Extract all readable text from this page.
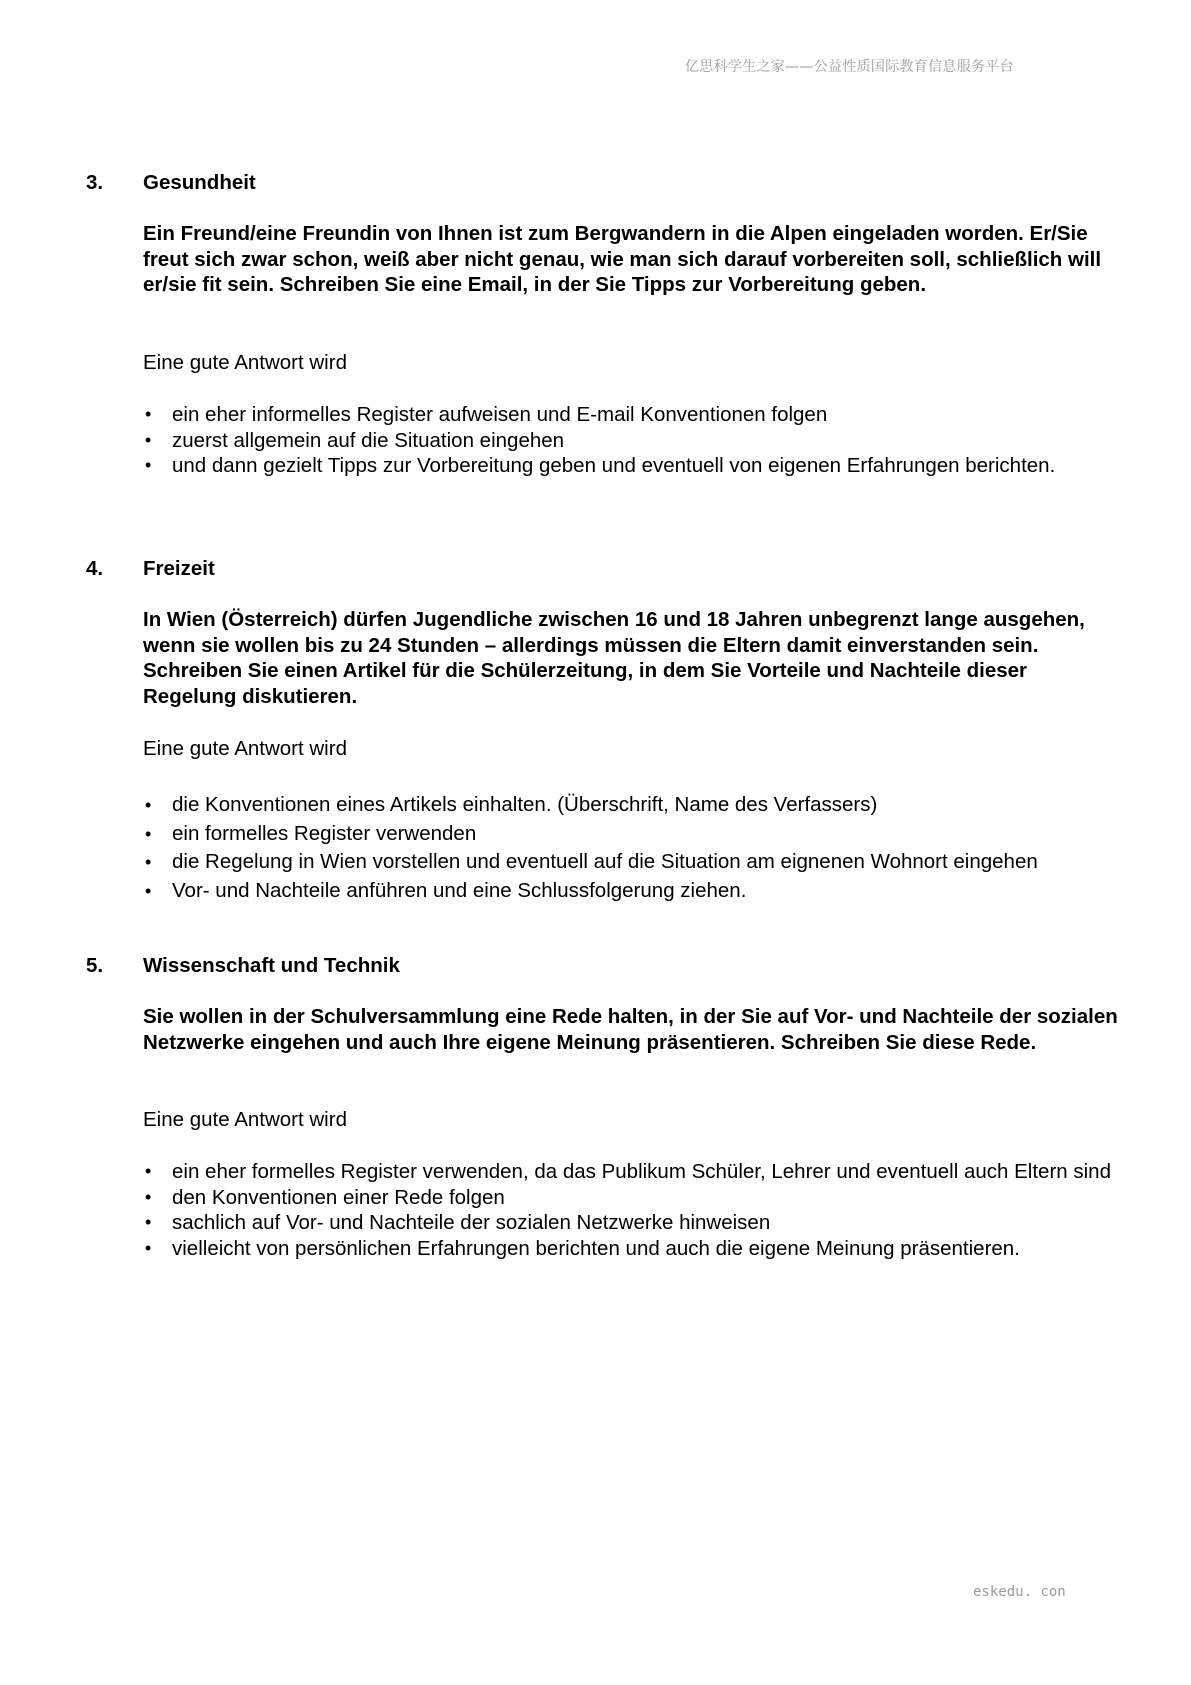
亿思科学生之家——公益性质国际教育信息服务平台
3. Gesundheit
Ein Freund/eine Freundin von Ihnen ist zum Bergwandern in die Alpen eingeladen worden. Er/Sie freut sich zwar schon, weiß aber nicht genau, wie man sich darauf vorbereiten soll, schließlich will er/sie fit sein. Schreiben Sie eine Email, in der Sie Tipps zur Vorbereitung geben.
Eine gute Antwort wird
• ein eher informelles Register aufweisen und E-mail Konventionen folgen
• zuerst allgemein auf die Situation eingehen
• und dann gezielt Tipps zur Vorbereitung geben und eventuell von eigenen Erfahrungen berichten.
4. Freizeit
In Wien (Österreich) dürfen Jugendliche zwischen 16 und 18 Jahren unbegrenzt lange ausgehen, wenn sie wollen bis zu 24 Stunden – allerdings müssen die Eltern damit einverstanden sein. Schreiben Sie einen Artikel für die Schülerzeitung, in dem Sie Vorteile und Nachteile dieser Regelung diskutieren.
Eine gute Antwort wird
• die Konventionen eines Artikels einhalten. (Überschrift, Name des Verfassers)
• ein formelles Register verwenden
• die Regelung in Wien vorstellen und eventuell auf die Situation am eignenen Wohnort eingehen
• Vor- und Nachteile anführen und eine Schlussfolgerung ziehen.
5. Wissenschaft und Technik
Sie wollen in der Schulversammlung eine Rede halten, in der Sie auf Vor- und Nachteile der sozialen Netzwerke eingehen und auch Ihre eigene Meinung präsentieren. Schreiben Sie diese Rede.
Eine gute Antwort wird
• ein eher formelles Register verwenden, da das Publikum Schüler, Lehrer und eventuell auch Eltern sind
• den Konventionen einer Rede folgen
• sachlich auf Vor- und Nachteile der sozialen Netzwerke hinweisen
• vielleicht von persönlichen Erfahrungen berichten und auch die eigene Meinung präsentieren.
eskedu. con
